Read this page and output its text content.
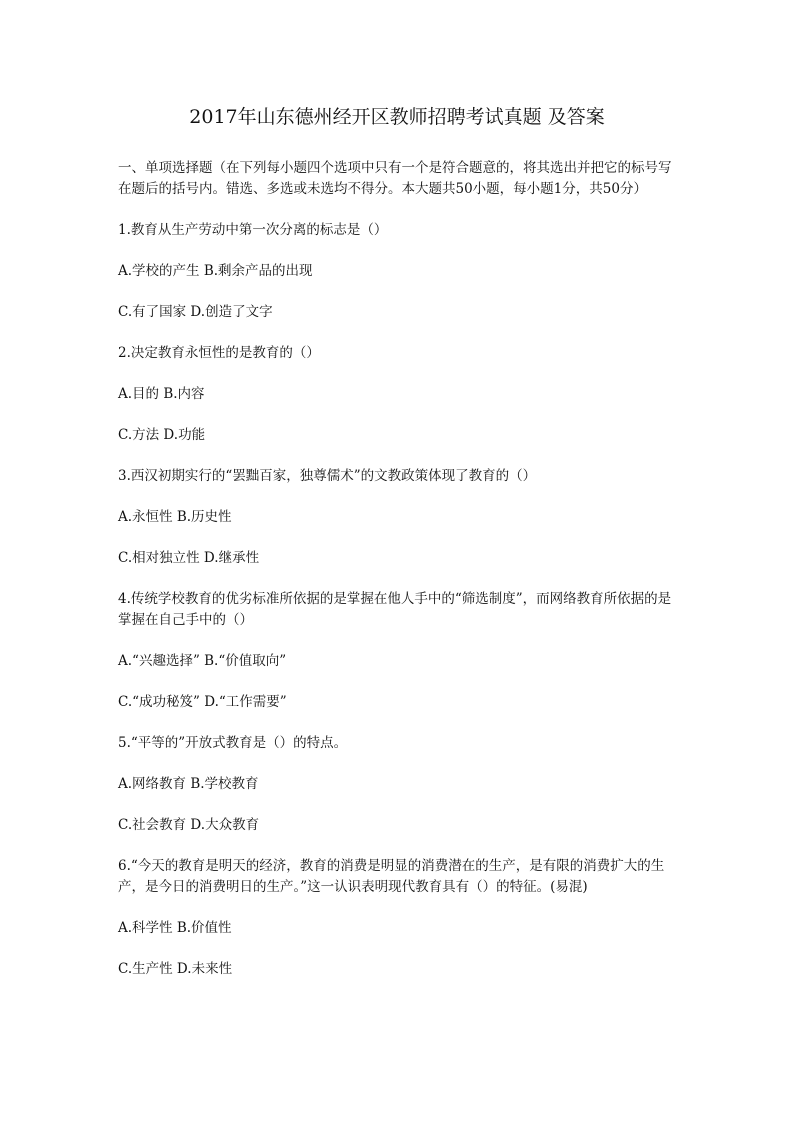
2017年山东德州经开区教师招聘考试真题 及答案
一、单项选择题（在下列每小题四个选项中只有一个是符合题意的，将其选出并把它的标号写在题后的括号内。错选、多选或未选均不得分。本大题共50小题，每小题1分，共50分）
1.教育从生产劳动中第一次分离的标志是（）
A.学校的产生 B.剩余产品的出现
C.有了国家 D.创造了文字
2.决定教育永恒性的是教育的（）
A.目的 B.内容
C.方法 D.功能
3.西汉初期实行的“罢黜百家，独尊儒术”的文教政策体现了教育的（）
A.永恒性 B.历史性
C.相对独立性 D.继承性
4.传统学校教育的优劣标准所依据的是掌握在他人手中的“筛选制度”，而网络教育所依据的是掌握在自己手中的（）
A.“兴趣选择” B.“价值取向”
C.“成功秘笈” D.“工作需要”
5.“平等的”开放式教育是（）的特点。
A.网络教育 B.学校教育
C.社会教育 D.大众教育
6.“今天的教育是明天的经济，教育的消费是明显的消费潜在的生产，是有限的消费扩大的生产，是今日的消费明日的生产。”这一认识表明现代教育具有（）的特征。(易混)
A.科学性 B.价值性
C.生产性 D.未来性
